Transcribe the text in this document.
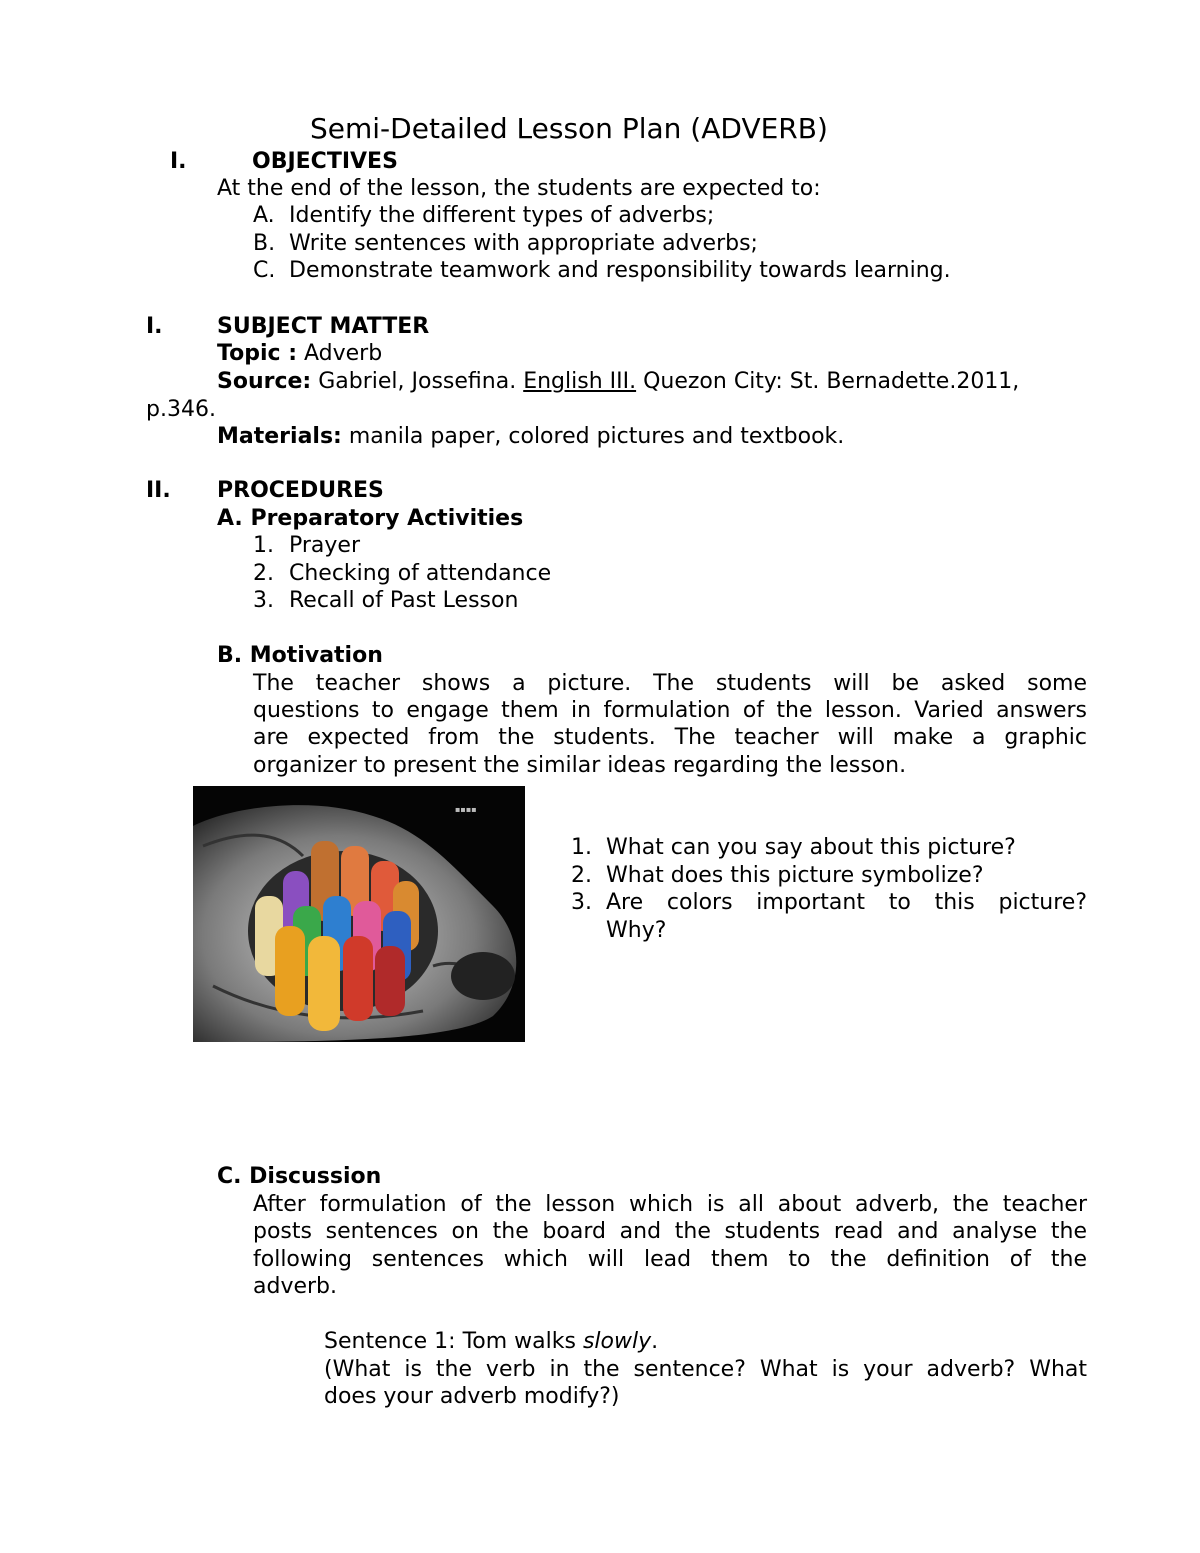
Semi-Detailed Lesson Plan (ADVERB)
I.	OBJECTIVES
At the end of the lesson, the students are expected to:
A. Identify the different types of adverbs;
B. Write sentences with appropriate adverbs;
C. Demonstrate teamwork and responsibility towards learning.
I. SUBJECT MATTER
Topic : Adverb
Source: Gabriel, Jossefina. English III. Quezon City: St. Bernadette.2011,
p.346.
Materials: manila paper, colored pictures and textbook.
II. PROCEDURES
A. Preparatory Activities
1. Prayer
2. Checking of attendance
3. Recall of Past Lesson
B. Motivation
The teacher shows a picture. The students will be asked some
questions to engage them in formulation of the lesson. Varied answers
are expected from the students. The teacher will make a graphic
organizer to present the similar ideas regarding the lesson.
▪▪▪▪
1. What can you say about this picture?
2. What does this picture symbolize?
3. Are colors important to this picture?
Why?
C. Discussion
After formulation of the lesson which is all about adverb, the teacher
posts sentences on the board and the students read and analyse the
following sentences which will lead them to the definition of the
adverb.
Sentence 1: Tom walks slowly.
(What is the verb in the sentence? What is your adverb? What
does your adverb modify?)
